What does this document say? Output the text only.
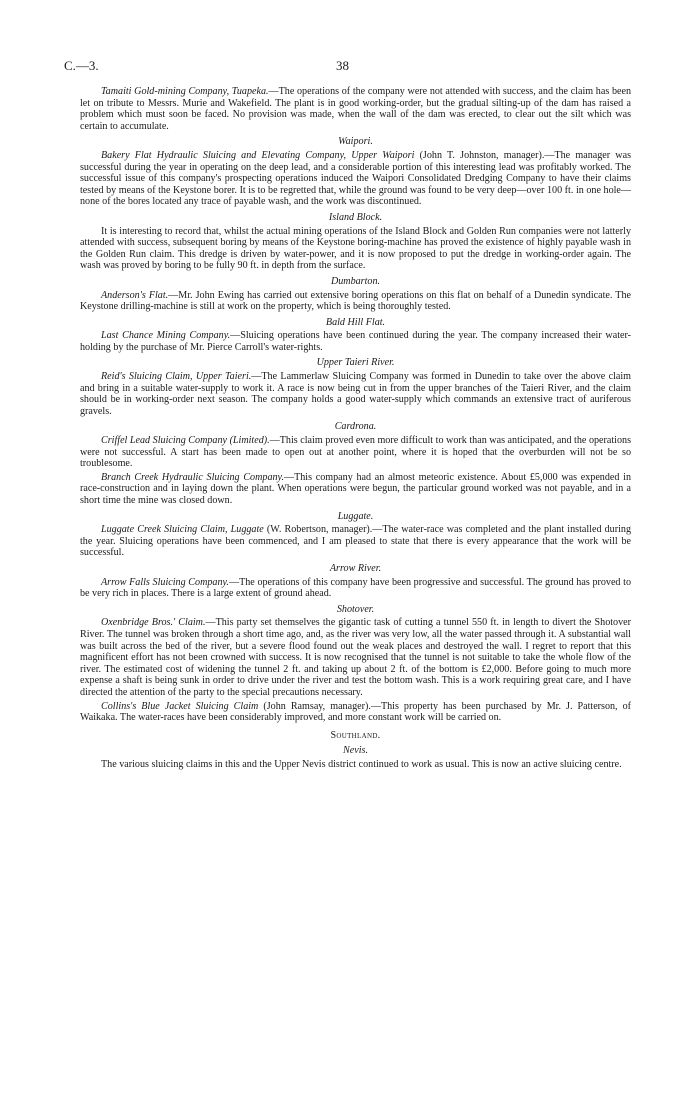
C.—3.	38

Tamaiti Gold-mining Company, Tuapeka.—The operations of the company were not attended with success, and the claim has been let on tribute to Messrs. Murie and Wakefield. The plant is in good working-order, but the gradual silting-up of the dam has raised a problem which must soon be faced. No provision was made, when the wall of the dam was erected, to clear out the silt which was certain to accumulate.

Waipori.

Bakery Flat Hydraulic Sluicing and Elevating Company, Upper Waipori (John T. Johnston, manager).—The manager was successful during the year in operating on the deep lead, and a considerable portion of this interesting lead was profitably worked. The successful issue of this company's prospecting operations induced the Waipori Consolidated Dredging Company to have their claims tested by means of the Keystone borer. It is to be regretted that, while the ground was found to be very deep—over 100 ft. in one hole—none of the bores located any trace of payable wash, and the work was discontinued.

Island Block.

It is interesting to record that, whilst the actual mining operations of the Island Block and Golden Run companies were not latterly attended with success, subsequent boring by means of the Keystone boring-machine has proved the existence of highly payable wash in the Golden Run claim. This dredge is driven by water-power, and it is now proposed to put the dredge in working-order again. The wash was proved by boring to be fully 90 ft. in depth from the surface.

Dumbarton.

Anderson's Flat.—Mr. John Ewing has carried out extensive boring operations on this flat on behalf of a Dunedin syndicate. The Keystone drilling-machine is still at work on the property, which is being thoroughly tested.

Bald Hill Flat.

Last Chance Mining Company.—Sluicing operations have been continued during the year. The company increased their water-holding by the purchase of Mr. Pierce Carroll's water-rights.

Upper Taieri River.

Reid's Sluicing Claim, Upper Taieri.—The Lammerlaw Sluicing Company was formed in Dunedin to take over the above claim and bring in a suitable water-supply to work it. A race is now being cut in from the upper branches of the Taieri River, and the claim should be in working-order next season. The company holds a good water-supply which commands an extensive tract of auriferous gravels.

Cardrona.

Criffel Lead Sluicing Company (Limited).—This claim proved even more difficult to work than was anticipated, and the operations were not successful. A start has been made to open out at another point, where it is hoped that the overburden will not be so troublesome.

Branch Creek Hydraulic Sluicing Company.—This company had an almost meteoric existence. About £5,000 was expended in race-construction and in laying down the plant. When operations were begun, the particular ground worked was not payable, and in a short time the mine was closed down.

Luggate.

Luggate Creek Sluicing Claim, Luggate (W. Robertson, manager).—The water-race was completed and the plant installed during the year. Sluicing operations have been commenced, and I am pleased to state that there is every appearance that the work will be successful.

Arrow River.

Arrow Falls Sluicing Company.—The operations of this company have been progressive and successful. The ground has proved to be very rich in places. There is a large extent of ground ahead.

Shotover.

Oxenbridge Bros.' Claim.—This party set themselves the gigantic task of cutting a tunnel 550 ft. in length to divert the Shotover River. The tunnel was broken through a short time ago, and, as the river was very low, all the water passed through it. A substantial wall was built across the bed of the river, but a severe flood found out the weak places and destroyed the wall. I regret to report that this magnificent effort has not been crowned with success. It is now recognised that the tunnel is not suitable to take the whole flow of the river. The estimated cost of widening the tunnel 2 ft. and taking up about 2 ft. of the bottom is £2,000. Before going to much more expense a shaft is being sunk in order to drive under the river and test the bottom wash. This is a work requiring great care, and I have directed the attention of the party to the special precautions necessary.

Collins's Blue Jacket Sluicing Claim (John Ramsay, manager).—This property has been purchased by Mr. J. Patterson, of Waikaka. The water-races have been considerably improved, and more constant work will be carried on.

Southland.
Nevis.

The various sluicing claims in this and the Upper Nevis district continued to work as usual. This is now an active sluicing centre.
